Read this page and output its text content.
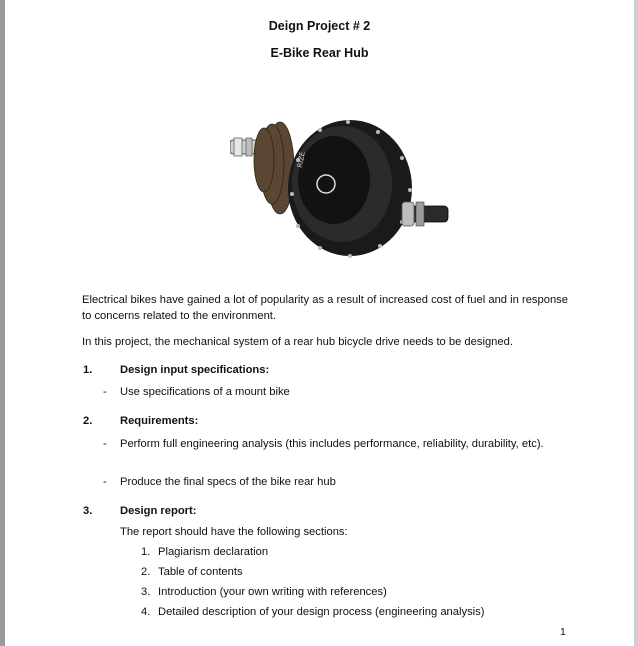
Deign Project # 2
E-Bike Rear Hub
RIZE
Electrical bikes have gained a lot of popularity as a result of increased cost of fuel and in response to concerns related to the environment.
In this project, the mechanical system of a rear hub bicycle drive needs to be designed.
1. Design input specifications:
- Use specifications of a mount bike
2. Requirements:
- Perform full engineering analysis (this includes performance, reliability, durability, etc).
- Produce the final specs of the bike rear hub
3. Design report:
The report should have the following sections:
1. Plagiarism declaration
2. Table of contents
3. Introduction (your own writing with references)
4. Detailed description of your design process (engineering analysis)
1
